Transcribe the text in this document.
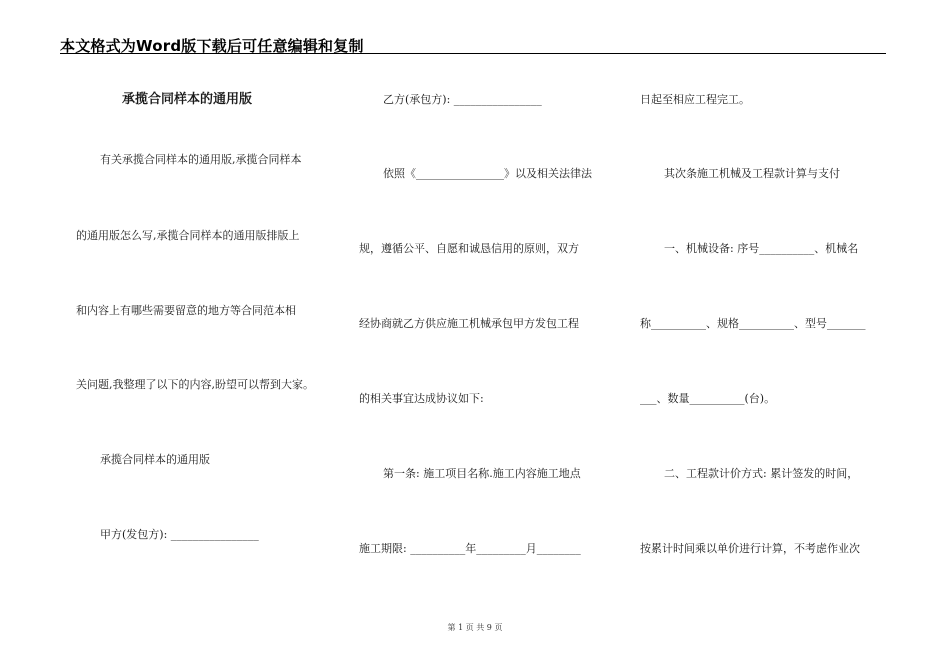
本文格式为Word版下载后可任意编辑和复制
承揽合同样本的通用版
有关承揽合同样本的通用版,承揽合同样本
的通用版怎么写,承揽合同样本的通用版排版上
和内容上有哪些需要留意的地方等合同范本相
关问题,我整理了以下的内容,盼望可以帮到大家。
承揽合同样本的通用版
甲方(发包方): ________________
乙方(承包方): ________________
依照《________________》以及相关法律法
规，遵循公平、自愿和诚恳信用的原则，双方
经协商就乙方供应施工机械承包甲方发包工程
的相关事宜达成协议如下:
第一条: 施工项目名称.施工内容施工地点
施工期限: __________年_________月________
日起至相应工程完工。
其次条施工机械及工程款计算与支付
一、机械设备: 序号__________、机械名
称__________、规格__________、型号_______
___、数量__________(台)。
二、工程款计价方式: 累计签发的时间，
按累计时间乘以单价进行计算，不考虑作业次
第 1 页 共 9 页
